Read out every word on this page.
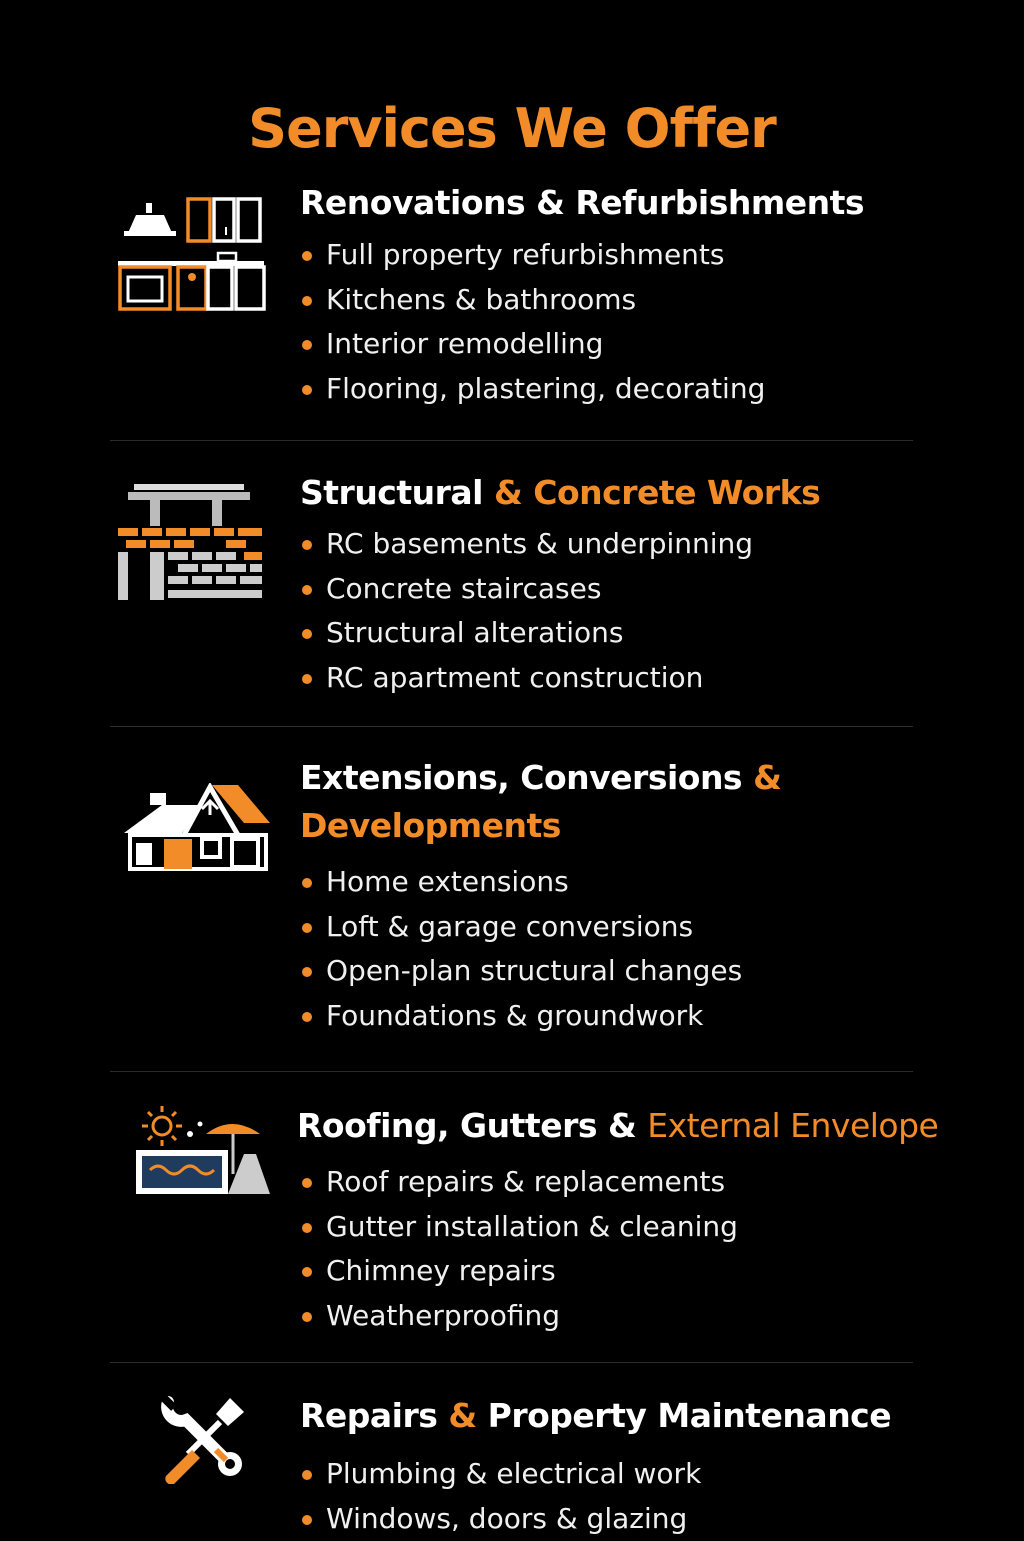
Services We Offer
Renovations & Refurbishments
Full property refurbishments
Kitchens & bathrooms
Interior remodelling
Flooring, plastering, decorating
Structural & Concrete Works
RC basements & underpinning
Concrete staircases
Structural alterations
RC apartment construction
Extensions, Conversions &
Developments
Home extensions
Loft & garage conversions
Open-plan structural changes
Foundations & groundwork
Roofing, Gutters & External Envelope
Roof repairs & replacements
Gutter installation & cleaning
Chimney repairs
Weatherproofing
Repairs & Property Maintenance
Plumbing & electrical work
Windows, doors & glazing
